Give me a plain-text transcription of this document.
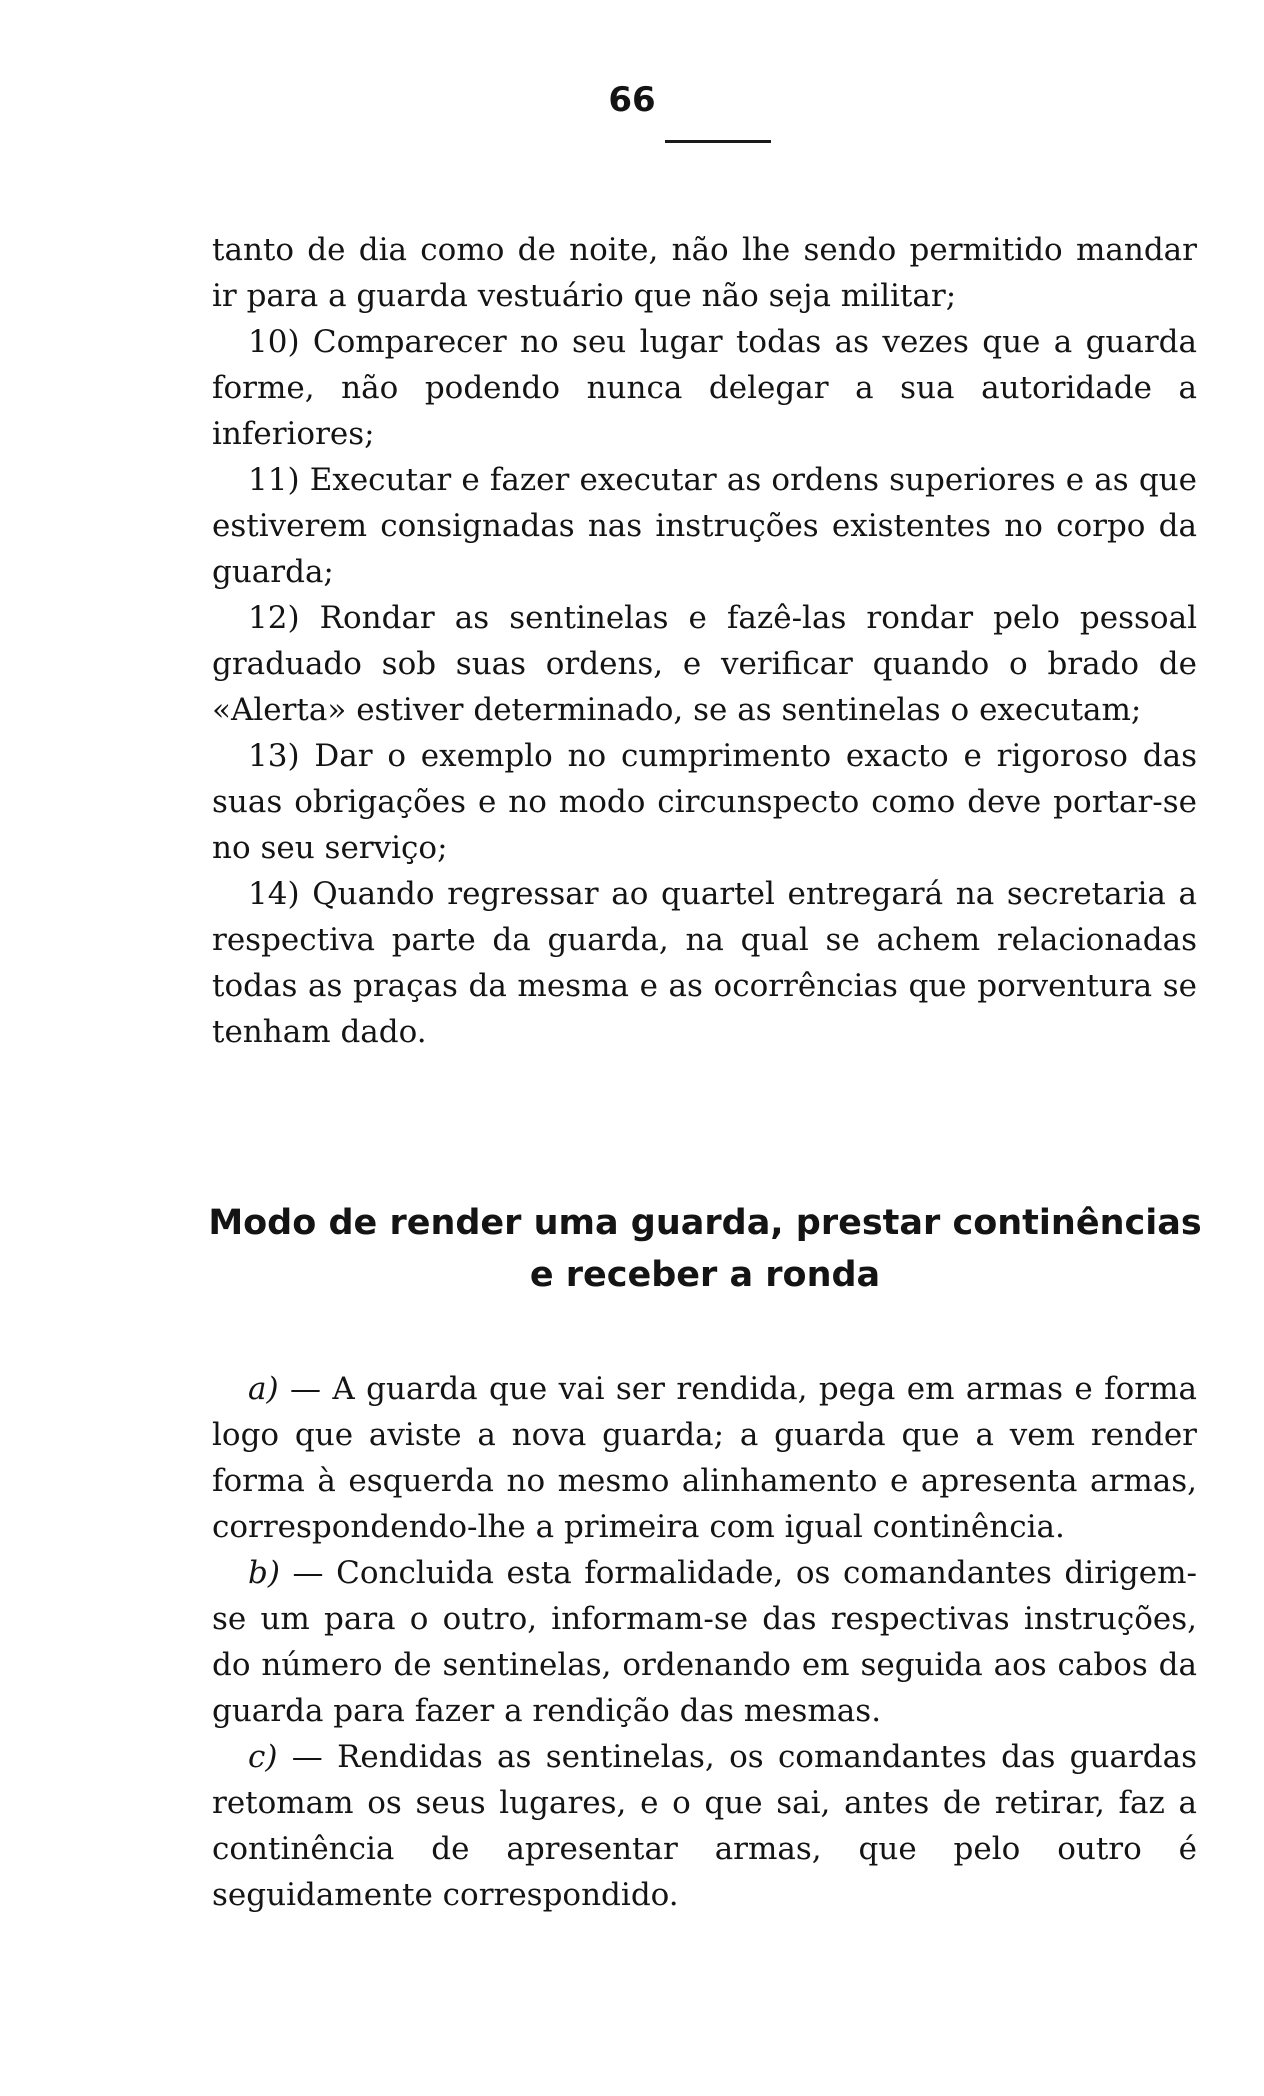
66

tanto de dia como de noite, não lhe sendo permitido mandar ir para a guarda vestuário que não seja militar;

10) Comparecer no seu lugar todas as vezes que a guarda forme, não podendo nunca delegar a sua autoridade a inferiores;

11) Executar e fazer executar as ordens superiores e as que estiverem consignadas nas instruções existentes no corpo da guarda;

12) Rondar as sentinelas e fazê-las rondar pelo pessoal graduado sob suas ordens, e verificar quando o brado de «Alerta» estiver determinado, se as sentinelas o executam;

13) Dar o exemplo no cumprimento exacto e rigoroso das suas obrigações e no modo circunspecto como deve portar-se no seu serviço;

14) Quando regressar ao quartel entregará na secretaria a respectiva parte da guarda, na qual se achem relacionadas todas as praças da mesma e as ocorrências que porventura se tenham dado.

Modo de render uma guarda, prestar continências
e receber a ronda

a) — A guarda que vai ser rendida, pega em armas e forma logo que aviste a nova guarda; a guarda que a vem render forma à esquerda no mesmo alinhamento e apresenta armas, correspondendo-lhe a primeira com igual continência.

b) — Concluida esta formalidade, os comandantes dirigem-se um para o outro, informam-se das respectivas instruções, do número de sentinelas, ordenando em seguida aos cabos da guarda para fazer a rendição das mesmas.

c) — Rendidas as sentinelas, os comandantes das guardas retomam os seus lugares, e o que sai, antes de retirar, faz a continência de apresentar armas, que pelo outro é seguidamente correspondido.
